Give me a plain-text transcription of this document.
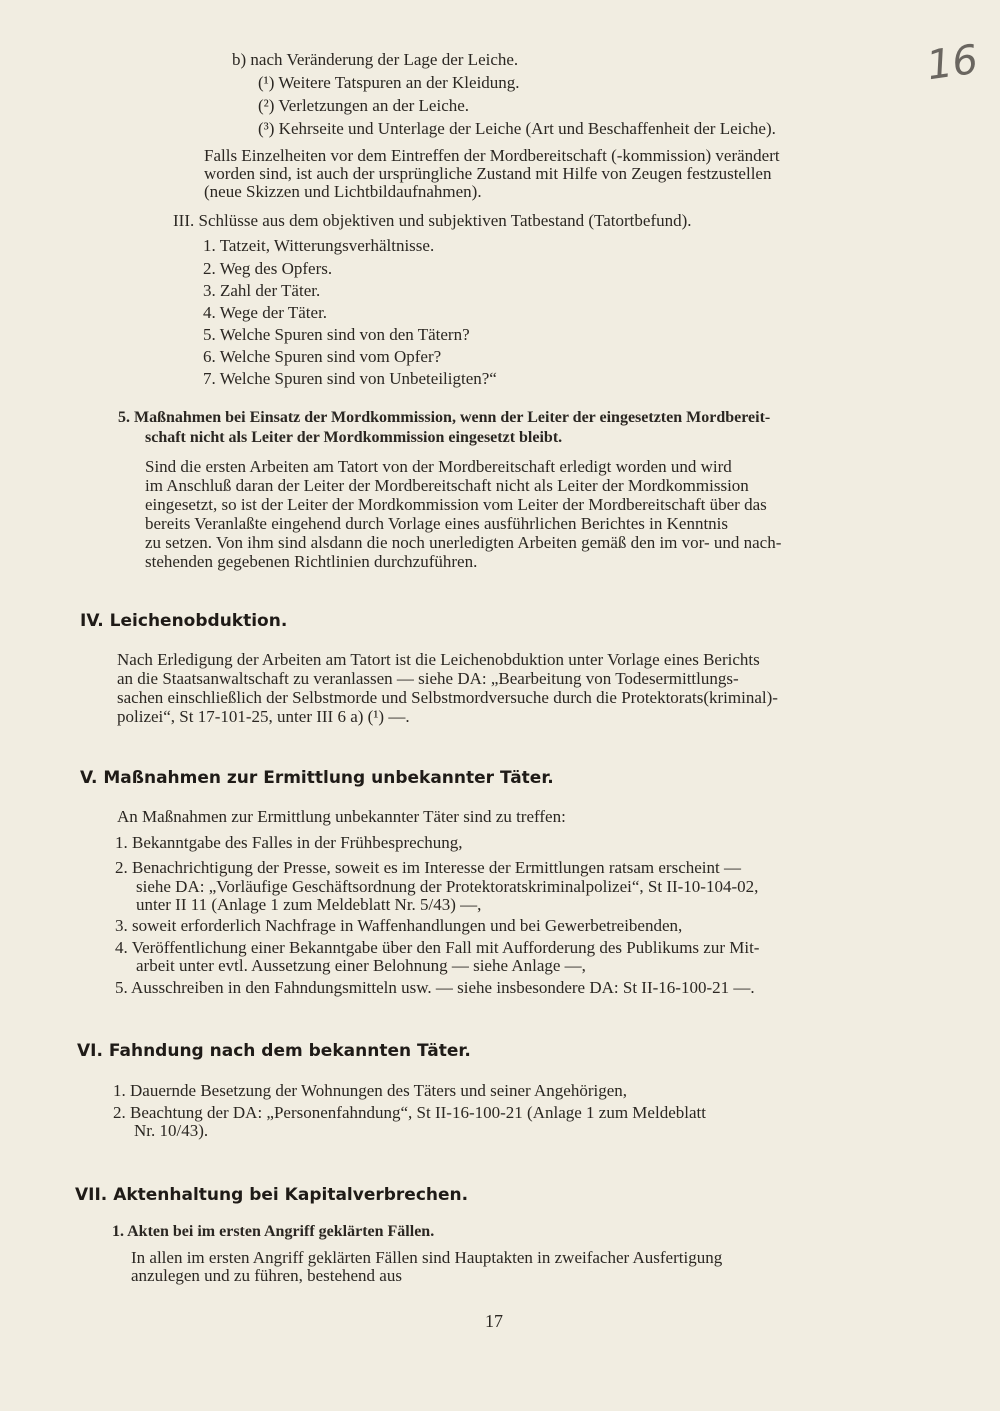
16
b) nach Veränderung der Lage der Leiche.
(¹) Weitere Tatspuren an der Kleidung.
(²) Verletzungen an der Leiche.
(³) Kehrseite und Unterlage der Leiche (Art und Beschaffenheit der Leiche).
Falls Einzelheiten vor dem Eintreffen der Mordbereitschaft (-kommission) verändert
worden sind, ist auch der ursprüngliche Zustand mit Hilfe von Zeugen festzustellen
(neue Skizzen und Lichtbildaufnahmen).
III. Schlüsse aus dem objektiven und subjektiven Tatbestand (Tatortbefund).
1. Tatzeit, Witterungsverhältnisse.
2. Weg des Opfers.
3. Zahl der Täter.
4. Wege der Täter.
5. Welche Spuren sind von den Tätern?
6. Welche Spuren sind vom Opfer?
7. Welche Spuren sind von Unbeteiligten?“
5. Maßnahmen bei Einsatz der Mordkommission, wenn der Leiter der eingesetzten Mordbereit-
schaft nicht als Leiter der Mordkommission eingesetzt bleibt.
Sind die ersten Arbeiten am Tatort von der Mordbereitschaft erledigt worden und wird
im Anschluß daran der Leiter der Mordbereitschaft nicht als Leiter der Mordkommission
eingesetzt, so ist der Leiter der Mordkommission vom Leiter der Mordbereitschaft über das
bereits Veranlaßte eingehend durch Vorlage eines ausführlichen Berichtes in Kenntnis
zu setzen. Von ihm sind alsdann die noch unerledigten Arbeiten gemäß den im vor- und nach-
stehenden gegebenen Richtlinien durchzuführen.
IV. Leichenobduktion.
Nach Erledigung der Arbeiten am Tatort ist die Leichenobduktion unter Vorlage eines Berichts
an die Staatsanwaltschaft zu veranlassen — siehe DA: „Bearbeitung von Todesermittlungs-
sachen einschließlich der Selbstmorde und Selbstmordversuche durch die Protektorats(kriminal)-
polizei“, St 17-101-25, unter III 6 a) (¹) —.
V. Maßnahmen zur Ermittlung unbekannter Täter.
An Maßnahmen zur Ermittlung unbekannter Täter sind zu treffen:
1. Bekanntgabe des Falles in der Frühbesprechung,
2. Benachrichtigung der Presse, soweit es im Interesse der Ermittlungen ratsam erscheint —
siehe DA: „Vorläufige Geschäftsordnung der Protektoratskriminalpolizei“, St II-10-104-02,
unter II 11 (Anlage 1 zum Meldeblatt Nr. 5/43) —,
3. soweit erforderlich Nachfrage in Waffenhandlungen und bei Gewerbetreibenden,
4. Veröffentlichung einer Bekanntgabe über den Fall mit Aufforderung des Publikums zur Mit-
arbeit unter evtl. Aussetzung einer Belohnung — siehe Anlage —,
5. Ausschreiben in den Fahndungsmitteln usw. — siehe insbesondere DA: St II-16-100-21 —.
VI. Fahndung nach dem bekannten Täter.
1. Dauernde Besetzung der Wohnungen des Täters und seiner Angehörigen,
2. Beachtung der DA: „Personenfahndung“, St II-16-100-21 (Anlage 1 zum Meldeblatt
Nr. 10/43).
VII. Aktenhaltung bei Kapitalverbrechen.
1. Akten bei im ersten Angriff geklärten Fällen.
In allen im ersten Angriff geklärten Fällen sind Hauptakten in zweifacher Ausfertigung
anzulegen und zu führen, bestehend aus
17
